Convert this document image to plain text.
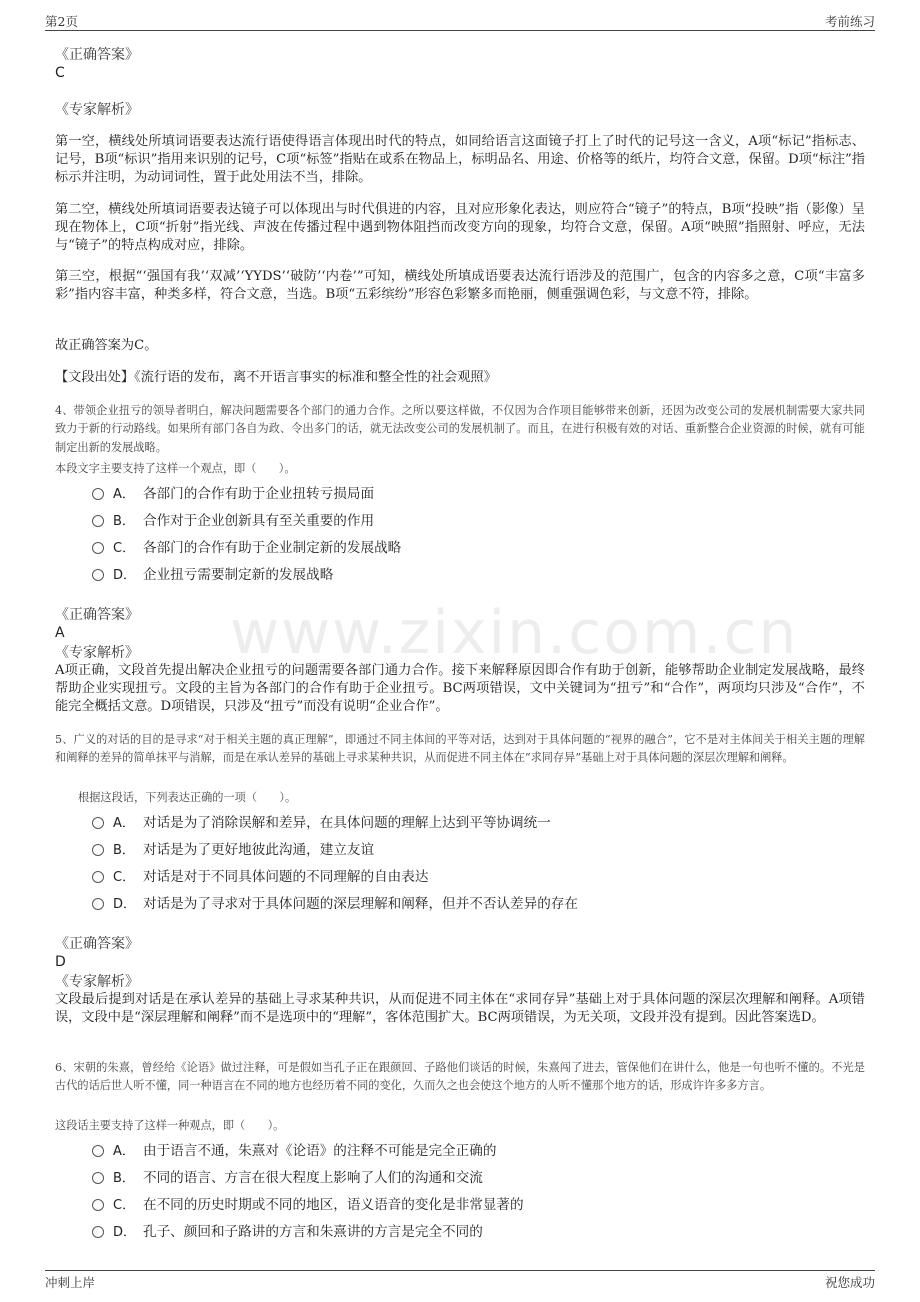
第2页	考前练习
www.zixin.com.cn
《正确答案》
C
《专家解析》

第一空，横线处所填词语要表达流行语使得语言体现出时代的特点，如同给语言这面镜子打上了时代的记号这一含义，A项“标记”指标志、记号，B项“标识”指用来识别的记号，C项“标签”指贴在或系在物品上，标明品名、用途、价格等的纸片，均符合文意，保留。D项“标注”指标示并注明，为动词词性，置于此处用法不当，排除。

第二空，横线处所填词语要表达镜子可以体现出与时代俱进的内容，且对应形象化表达，则应符合“镜子”的特点，B项“投映”指（影像）呈现在物体上，C项“折射”指光线、声波在传播过程中遇到物体阻挡而改变方向的现象，均符合文意，保留。A项“映照”指照射、呼应，无法与“镜子”的特点构成对应，排除。

第三空，根据“‘强国有我’‘双减’‘YYDS’‘破防’‘内卷’”可知，横线处所填成语要表达流行语涉及的范围广，包含的内容多之意，C项“丰富多彩”指内容丰富，种类多样，符合文意，当选。B项“五彩缤纷”形容色彩繁多而艳丽，侧重强调色彩，与文意不符，排除。

故正确答案为C。
【文段出处】《流行语的发布，离不开语言事实的标准和整全性的社会观照》
4、带领企业扭亏的领导者明白，解决问题需要各个部门的通力合作。之所以要这样做，不仅因为合作项目能够带来创新，还因为改变公司的发展机制需要大家共同致力于新的行动路线。如果所有部门各自为政、令出多门的话，就无法改变公司的发展机制了。而且，在进行积极有效的对话、重新整合企业资源的时候，就有可能制定出新的发展战略。
本段文字主要支持了这样一个观点，即（　　）。
A． 各部门的合作有助于企业扭转亏损局面
B． 合作对于企业创新具有至关重要的作用
C． 各部门的合作有助于企业制定新的发展战略
D． 企业扭亏需要制定新的发展战略
《正确答案》
A
《专家解析》
A项正确，文段首先提出解决企业扭亏的问题需要各部门通力合作。接下来解释原因即合作有助于创新，能够帮助企业制定发展战略，最终帮助企业实现扭亏。文段的主旨为各部门的合作有助于企业扭亏。BC两项错误，文中关键词为“扭亏”和“合作”，两项均只涉及“合作”，不能完全概括文意。D项错误，只涉及“扭亏”而没有说明“企业合作”。
5、广义的对话的目的是寻求“对于相关主题的真正理解”，即通过不同主体间的平等对话，达到对于具体问题的“视界的融合”，它不是对主体间关于相关主题的理解和阐释的差异的简单抹平与消解，而是在承认差异的基础上寻求某种共识，从而促进不同主体在“求同存异”基础上对于具体问题的深层次理解和阐释。
根据这段话，下列表达正确的一项（　　）。
A． 对话是为了消除误解和差异，在具体问题的理解上达到平等协调统一
B． 对话是为了更好地彼此沟通，建立友谊
C． 对话是对于不同具体问题的不同理解的自由表达
D． 对话是为了寻求对于具体问题的深层理解和阐释，但并不否认差异的存在
《正确答案》
D
《专家解析》
文段最后提到对话是在承认差异的基础上寻求某种共识，从而促进不同主体在“求同存异”基础上对于具体问题的深层次理解和阐释。A项错误，文段中是“深层理解和阐释”而不是选项中的“理解”，客体范围扩大。BC两项错误，为无关项，文段并没有提到。因此答案选D。
6、宋朝的朱熹，曾经给《论语》做过注释，可是假如当孔子正在跟颜回、子路他们谈话的时候，朱熹闯了进去，管保他们在讲什么，他是一句也听不懂的。不光是古代的话后世人听不懂，同一种语言在不同的地方也经历着不同的变化，久而久之也会使这个地方的人听不懂那个地方的话，形成许许多多方言。
这段话主要支持了这样一种观点，即（　　）。
A． 由于语言不通，朱熹对《论语》的注释不可能是完全正确的
B． 不同的语言、方言在很大程度上影响了人们的沟通和交流
C． 在不同的历史时期或不同的地区，语义语音的变化是非常显著的
D． 孔子、颜回和子路讲的方言和朱熹讲的方言是完全不同的
冲刺上岸	祝您成功
